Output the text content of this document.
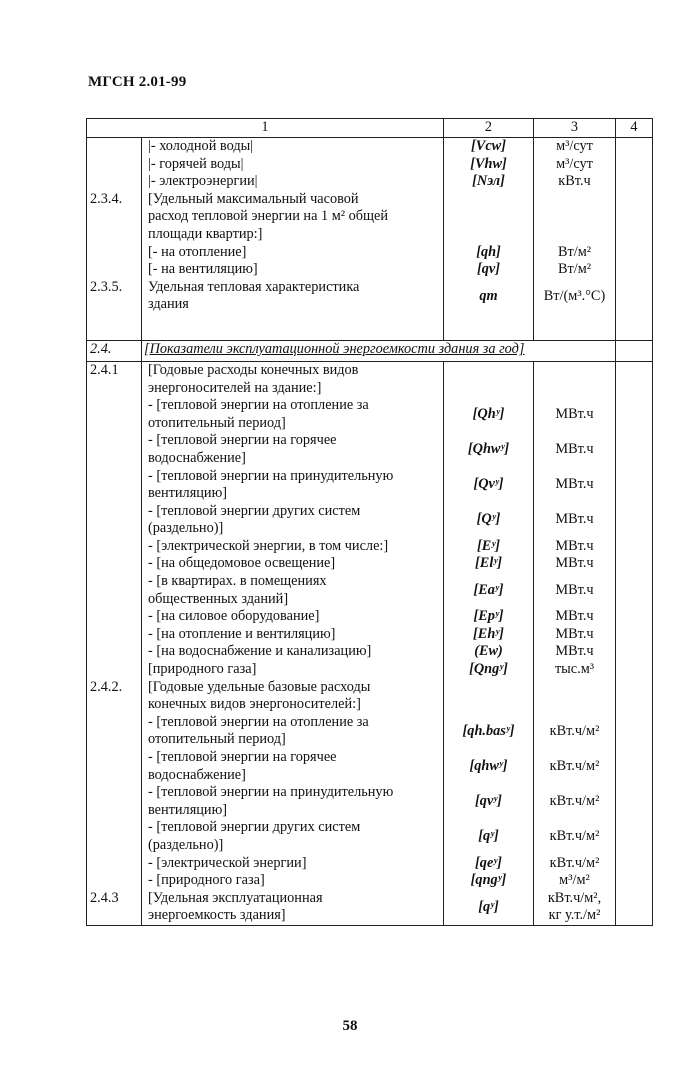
МГСН 2.01-99
1		2	3	4

	|- холодной воды|	[Vcw]	м³/сут	

	|- горячей воды|	[Vhw]	м³/сут	

	|- электроэнергии|	[Nэл]	кВт.ч	

2.3.4.	[Удельный максимальный часовой
расход тепловой энергии на 1 м² общей
площади квартир:]			

	[- на отопление]	[qh]	Вт/м²	

	[- на вентиляцию]	[qv]	Вт/м²	

2.3.5.	Удельная тепловая характеристика
здания	qт	Вт/(м³.°С)	

2.4.	[Показатели эксплуатационной энергоемкости здания за год]			
2.4.1	[Годовые расходы конечных видов
энергоносителей на здание:]			

	- [тепловой энергии на отопление за
отопительный период]	[Qhʸ]	МВт.ч	

	- [тепловой энергии на горячее
водоснабжение]	[Qhwʸ]	МВт.ч	

	- [тепловой энергии на принудительную
вентиляцию]	[Qvʸ]	МВт.ч	

	- [тепловой энергии других систем
(раздельно)]	[Qʸ]	МВт.ч	

	- [электрической энергии, в том числе:]	[Eʸ]	МВт.ч	

	- [на общедомовое освещение]	[Elʸ]	МВт.ч	

	- [в квартирах. в помещениях
общественных зданий]	[Eaʸ]	МВт.ч	

	- [на силовое оборудование]	[Epʸ]	МВт.ч	

	- [на отопление и вентиляцию]	[Ehʸ]	МВт.ч	

	- [на водоснабжение и канализацию]	(Ew)	МВт.ч	

	[природного газа]	[Qngʸ]	тыс.м³	

2.4.2.	[Годовые удельные базовые расходы
конечных видов энергоносителей:]			

	- [тепловой энергии на отопление за
отопительный период]	[qh.basʸ]	кВт.ч/м²	

	- [тепловой энергии на горячее
водоснабжение]	[qhwʸ]	кВт.ч/м²	

	- [тепловой энергии на принудительную
вентиляцию]	[qvʸ]	кВт.ч/м²	

	- [тепловой энергии других систем
(раздельно)]	[qʸ]	кВт.ч/м²	

	- [электрической энергии]	[qeʸ]	кВт.ч/м²	

	- [природного газа]	[qngʸ]	м³/м²	

2.4.3	[Удельная эксплуатационная
энергоемкость здания]	[qʸ]	кВт.ч/м²,
кг у.т./м²	

58
